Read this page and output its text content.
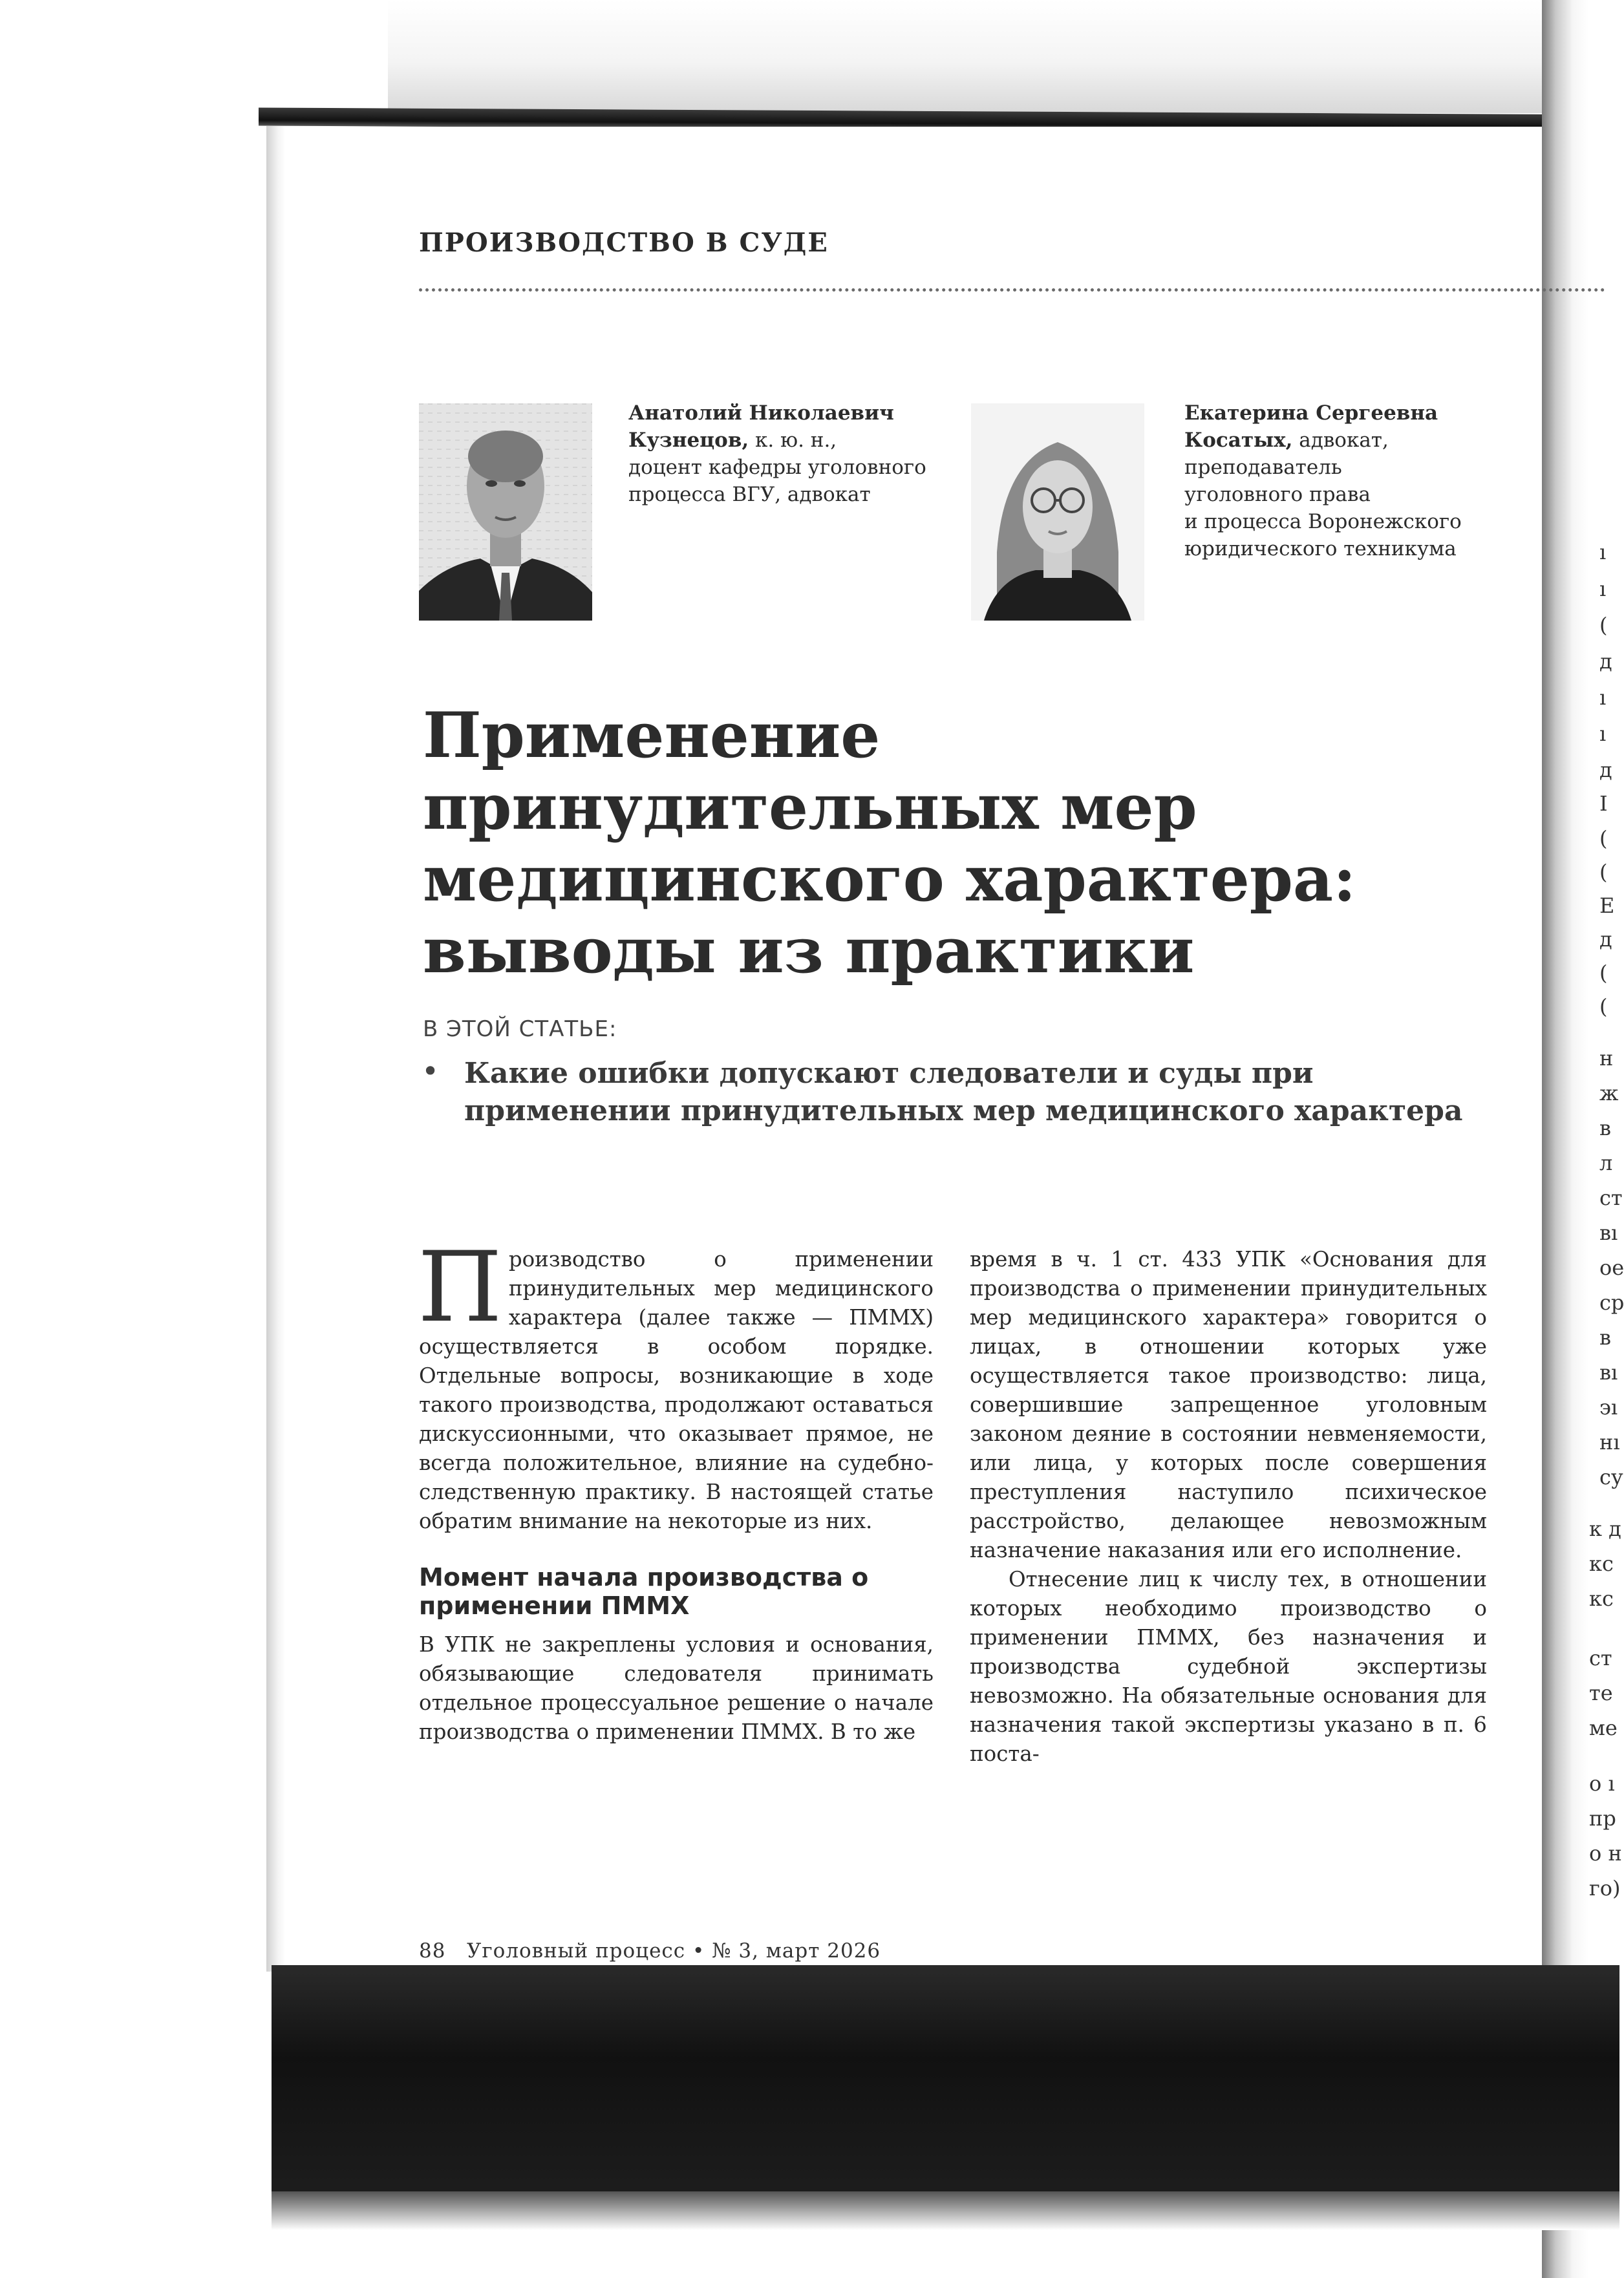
ПРОИЗВОДСТВО В СУДЕ
Анатолий Николаевич
Кузнецов, к. ю. н.,
доцент кафедры уголовного
процесса ВГУ, адвокат
Екатерина Сергеевна
Косатых, адвокат,
преподаватель
уголовного права
и процесса Воронежского
юридического техникума
Применение
принудительных мер
медицинского характера:
выводы из практики
В ЭТОЙ СТАТЬЕ:
• Какие ошибки допускают следователи и суды при применении принудительных мер медицинского характера

Производство о применении принудительных мер медицинского характера (далее также — ПММХ) осуществляется в особом порядке. Отдельные вопросы, возникающие в ходе такого производства, продолжают оставаться дискуссионными, что оказывает прямое, не всегда положительное, влияние на судебно-следственную практику. В настоящей статье обратим внимание на некоторые из них.

Момент начала производства о применении ПММХ

В УПК не закреплены условия и основания, обязывающие следователя принимать отдельное процессуальное решение о начале производства о применении ПММХ. В то же

время в ч. 1 ст. 433 УПК «Основания для производства о применении принудительных мер медицинского характера» говорится о лицах, в отношении которых уже осуществляется такое производство: лица, совершившие запрещенное уголовным законом деяние в состоянии невменяемости, или лица, у которых после совершения преступления наступило психическое расстройство, делающее невозможным назначение наказания или его исполнение.

Отнесение лиц к числу тех, в отношении которых необходимо производство о применении ПММХ, без назначения и производства судебной экспертизы невозможно. На обязательные основания для назначения такой экспертизы указано в п. 6 поста-

88 Уголовный процесс • № 3, март 2026
ı
ı
(
д
ı
ı
д
I
(
(
E
д
(
(
н
ж
в
л
ст
вı
ое
ср
в
вı
эı
нı
су
к д
кс
кс
ст
те
ме
о ı
пр
о н
го)
